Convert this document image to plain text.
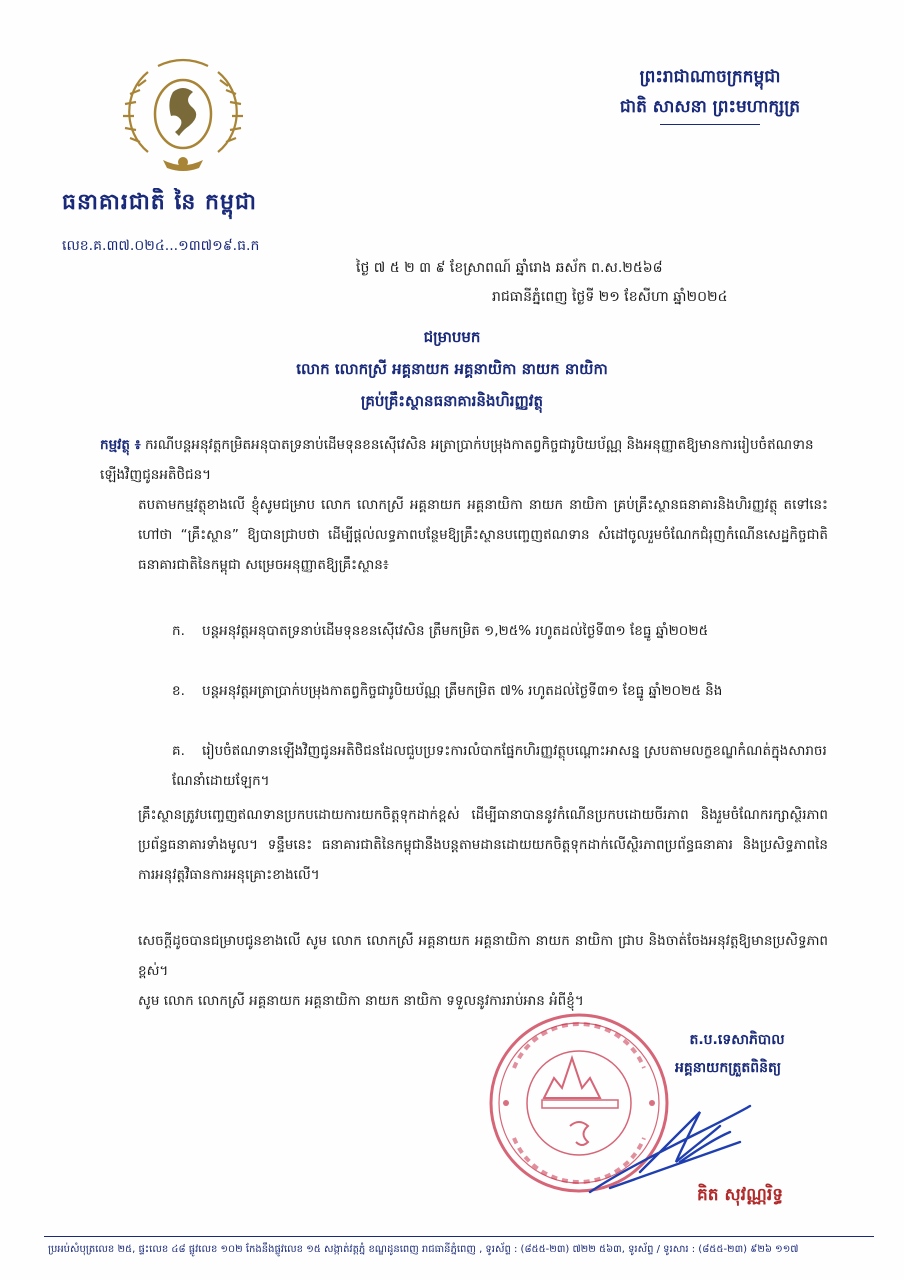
ធនាគារជាតិ នៃ កម្ពុជា
ព្រះរាជាណាចក្រកម្ពុជា
ជាតិ សាសនា ព្រះមហាក្សត្រ
លេខ.គ.៣៧.០២៤...១៣៧១៩.ធ.ក
ថ្ងៃ ៧ ៥ ២ ៣ ៩ ខែស្រាពណ៍ ឆ្នាំរោង ឆស័ក ព.ស.២៥៦៨
រាជធានីភ្នំពេញ ថ្ងៃទី ២១ ខែសីហា ឆ្នាំ២០២៤
ជម្រាបមក
លោក លោកស្រី អគ្គនាយក អគ្គនាយិកា នាយក នាយិកា
គ្រប់គ្រឹះស្ថានធនាគារនិងហិរញ្ញវត្ថុ
កម្មវត្ថុ ៖ ករណីបន្តអនុវត្តកម្រិតអនុបាតទ្រនាប់ដើមទុនខនស៊ើវេសិន អត្រាប្រាក់បម្រុងកាតព្វកិច្ចជារូបិយប័ណ្ណ និងអនុញ្ញាតឱ្យមានការរៀបចំឥណទានឡើងវិញជូនអតិថិជន។
តបតាមកម្មវត្ថុខាងលើ ខ្ញុំសូមជម្រាប លោក លោកស្រី អគ្គនាយក អគ្គនាយិកា នាយក នាយិកា គ្រប់គ្រឹះស្ថានធនាគារនិងហិរញ្ញវត្ថុ តទៅនេះហៅថា “គ្រឹះស្ថាន” ឱ្យបានជ្រាបថា ដើម្បីផ្តល់លទ្ធភាពបន្ថែមឱ្យគ្រឹះស្ថានបញ្ចេញឥណទាន សំដៅចូលរួមចំណែកជំរុញកំណើនសេដ្ឋកិច្ចជាតិ ធនាគារជាតិនៃកម្ពុជា សម្រេចអនុញ្ញាតឱ្យគ្រឹះស្ថាន៖
ក. បន្តអនុវត្តអនុបាតទ្រនាប់ដើមទុនខនស៊ើវេសិន ត្រឹមកម្រិត ១,២៥% រហូតដល់ថ្ងៃទី៣១ ខែធ្នូ ឆ្នាំ២០២៥
ខ. បន្តអនុវត្តអត្រាប្រាក់បម្រុងកាតព្វកិច្ចជារូបិយប័ណ្ណ ត្រឹមកម្រិត ៧% រហូតដល់ថ្ងៃទី៣១ ខែធ្នូ ឆ្នាំ២០២៥ និង
គ. រៀបចំឥណទានឡើងវិញជូនអតិថិជនដែលជួបប្រទះការលំបាកផ្នែកហិរញ្ញវត្ថុបណ្តោះអាសន្ន ស្របតាមលក្ខខណ្ឌកំណត់ក្នុងសារាចរណែនាំដោយឡែក។
គ្រឹះស្ថានត្រូវបញ្ចេញឥណទានប្រកបដោយការយកចិត្តទុកដាក់ខ្ពស់ ដើម្បីធានាបាននូវកំណើនប្រកបដោយចីរភាព និងរួមចំណែករក្សាស្ថិរភាពប្រព័ន្ធធនាគារទាំងមូល។ ទន្ទឹមនេះ ធនាគារជាតិនៃកម្ពុជានឹងបន្តតាមដានដោយយកចិត្តទុកដាក់លើស្ថិរភាពប្រព័ន្ធធនាគារ និងប្រសិទ្ធភាពនៃការអនុវត្តវិធានការអនុគ្រោះខាងលើ។
សេចក្តីដូចបានជម្រាបជូនខាងលើ សូម លោក លោកស្រី អគ្គនាយក អគ្គនាយិកា នាយក នាយិកា ជ្រាប និងចាត់ចែងអនុវត្តឱ្យមានប្រសិទ្ធភាពខ្ពស់។
សូម លោក លោកស្រី អគ្គនាយក អគ្គនាយិកា នាយក នាយិកា ទទួលនូវការរាប់អាន អំពីខ្ញុំ។
ត.ប.ទេសាភិបាល
អគ្គនាយកត្រួតពិនិត្យ
គិត សុវណ្ណរិទ្ធ
ប្រអប់សំបុត្រលេខ ២៥, ផ្ទះលេខ ៤៨ ផ្លូវលេខ ១០២ កែងនឹងផ្លូវលេខ ១៥ សង្កាត់វត្តភ្នំ ខណ្ឌដូនពេញ រាជធានីភ្នំពេញ , ទូរស័ព្ទ : (៨៥៥-២៣) ៧២២ ៥៦៣, ទូរស័ព្ទ / ទូរសារ : (៨៥៥-២៣) ៩២៦ ១១៧
